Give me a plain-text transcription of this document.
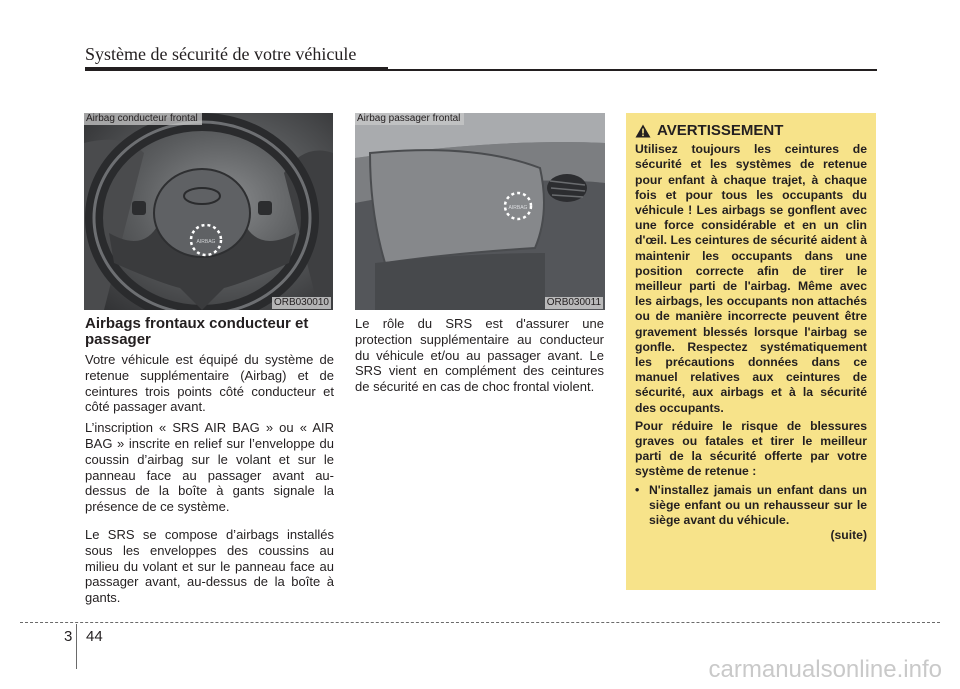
Système de sécurité de votre véhicule
AIRBAG
Airbag conducteur frontal
ORB030010
AIRBAG
Airbag passager frontal
ORB030011
Airbags frontaux conducteur et passager

Votre véhicule est équipé du système de retenue supplémentaire (Airbag) et de ceintures trois points côté conducteur et côté passager avant.

L’inscription « SRS AIR BAG » ou « AIR BAG » inscrite en relief sur l’enveloppe du coussin d’airbag sur le volant et sur le panneau face au passager avant au-dessus de la boîte à gants signale la présence de ce système.

Le SRS se compose d’airbags installés sous les enveloppes des coussins au milieu du volant et sur le panneau face au passager avant, au-dessus de la boîte à gants.

Le rôle du SRS est d'assurer une protection supplémentaire au conducteur du véhicule et/ou au passager avant. Le SRS vient en complément des ceintures de sécurité en cas de choc frontal violent.

AVERTISSEMENT

Utilisez toujours les ceintures de sécurité et les systèmes de retenue pour enfant à chaque trajet, à chaque fois et pour tous les occupants du véhicule ! Les airbags se gonflent avec une force considérable et en un clin d'œil. Les ceintures de sécurité aident à maintenir les occupants dans une position correcte afin de tirer le meilleur parti de l'airbag. Même avec les airbags, les occupants non attachés ou de manière incorrecte peuvent être gravement blessés lorsque l'airbag se gonfle. Respectez systématiquement les précautions données dans ce manuel relatives aux ceintures de sécurité, aux airbags et à la sécurité des occupants.

Pour réduire le risque de blessures graves ou fatales et tirer le meilleur parti de la sécurité offerte par votre système de retenue :

• N'installez jamais un enfant dans un siège enfant ou un rehausseur sur le siège avant du véhicule.

(suite)

3 44
carmanualsonline.info
